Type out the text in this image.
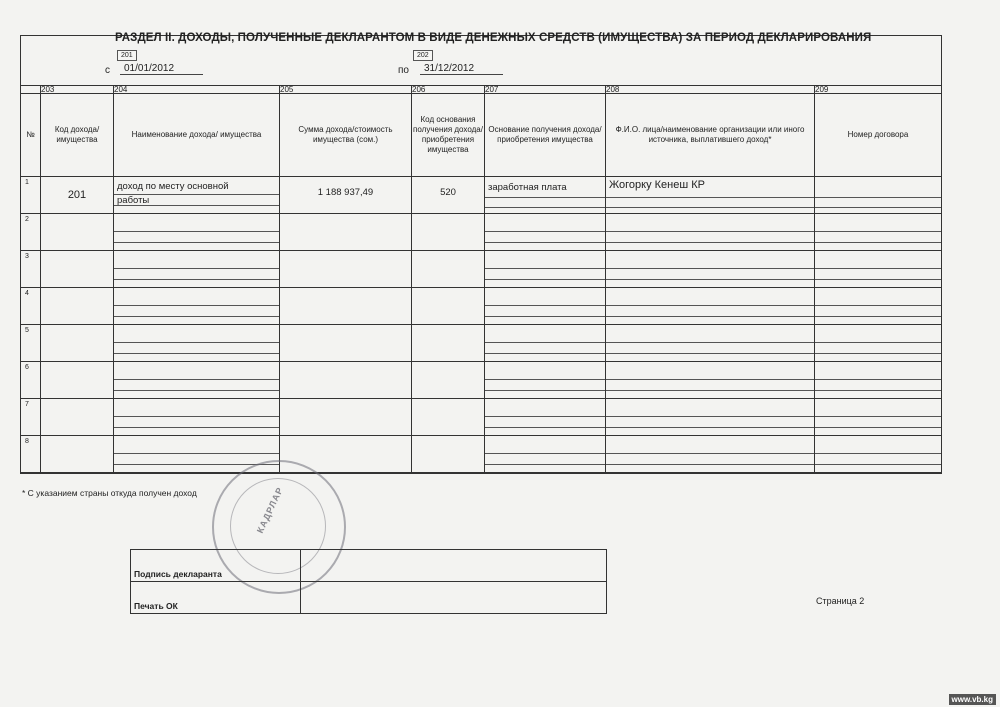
РАЗДЕЛ II. ДОХОДЫ, ПОЛУЧЕННЫЕ ДЕКЛАРАНТОМ В ВИДЕ ДЕНЕЖНЫХ СРЕДСТВ (ИМУЩЕСТВА) ЗА ПЕРИОД ДЕКЛАРИРОВАНИЯ
201
с	01/01/2012
202
по	31/12/2012
	203	204	205	206	207	208	209
№	Код дохода/ имущества	Наименование дохода/ имущества	Сумма дохода/стоимость имущества (сом.)	Код основания получения дохода/ приобретения имущества	Основание получения дохода/приобретения имущества	Ф.И.О. лица/наименование организации или иного источника, выплатившего доход*	Номер договора

1	201	доход по месту основной
работы	1 188 937,49	520	заработная плата	Жогорку Кенеш КР	

2							

3							

4							

5							

6							

7							

8							

* С указанием страны откуда получен доход	КАДРЛАР
Подпись декларанта	
Печать ОК		Страница 2
www.vb.kg
